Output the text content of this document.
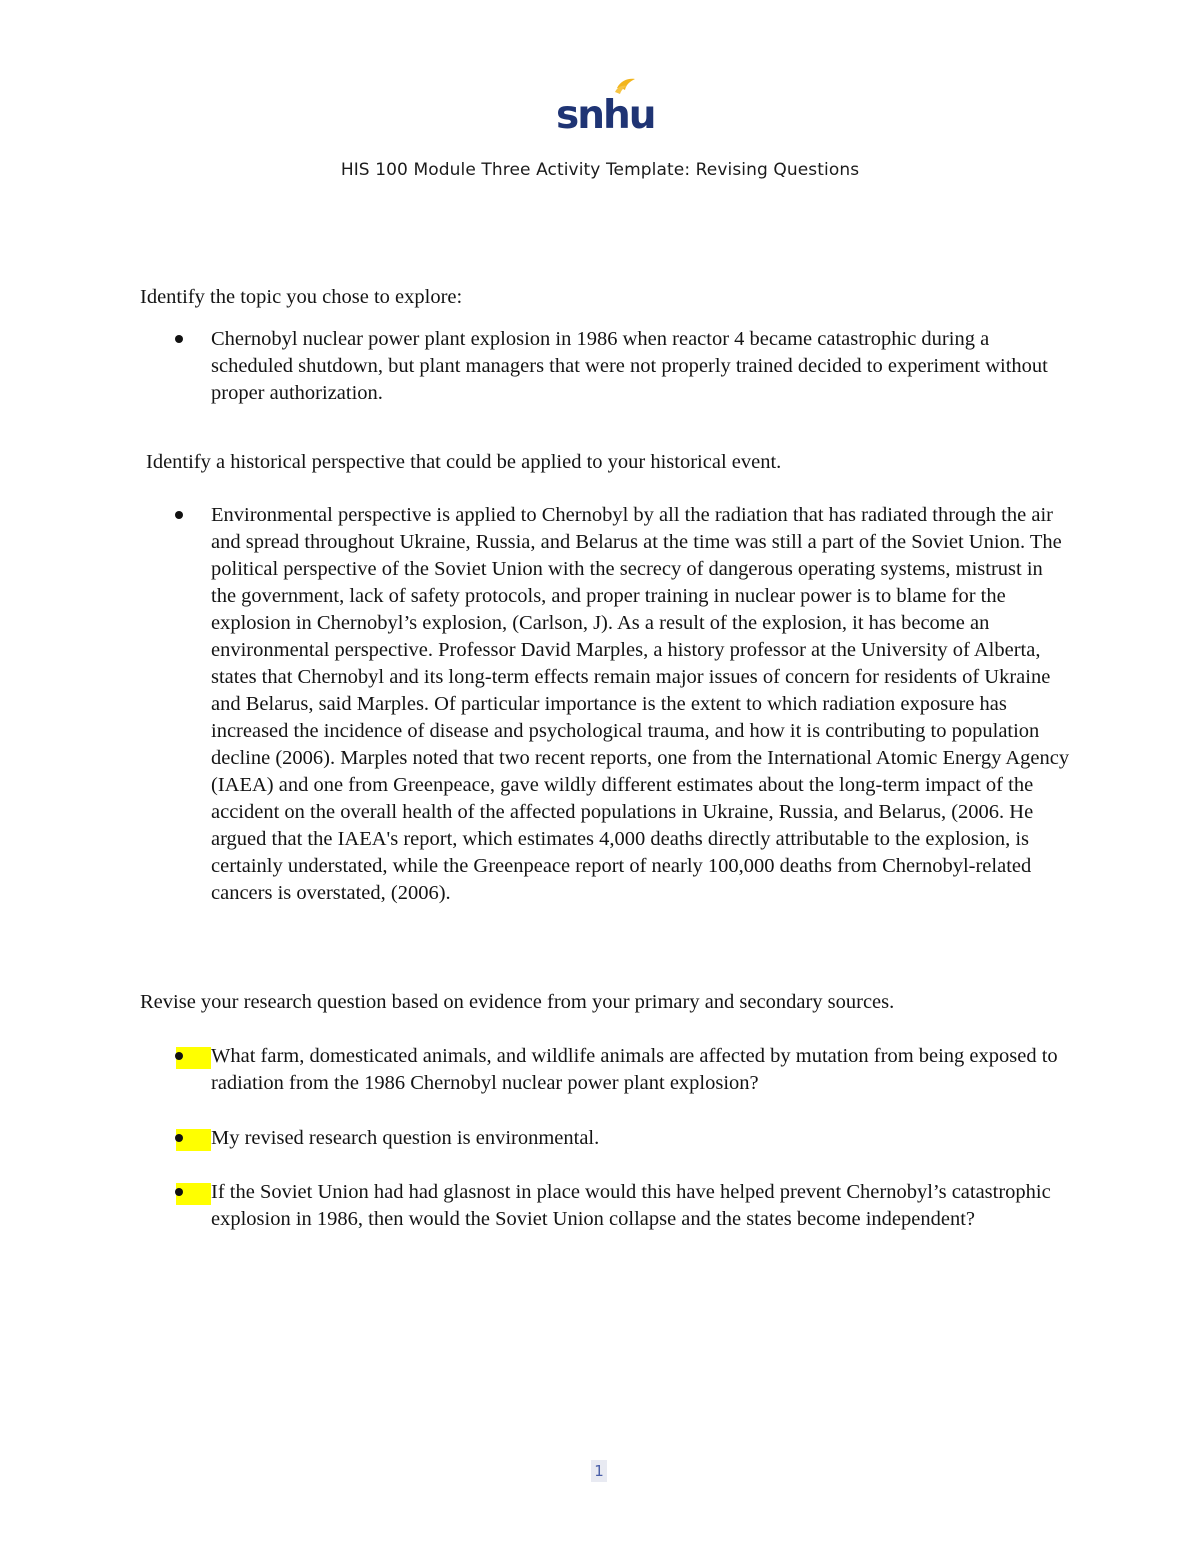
snhu
HIS 100 Module Three Activity Template: Revising Questions

Identify the topic you chose to explore:

Chernobyl nuclear power plant explosion in 1986 when reactor 4 became catastrophic during a scheduled shutdown, but plant managers that were not properly trained decided to experiment without proper authorization.

Identify a historical perspective that could be applied to your historical event.

Environmental perspective is applied to Chernobyl by all the radiation that has radiated through the air and spread throughout Ukraine, Russia, and Belarus at the time was still a part of the Soviet Union. The political perspective of the Soviet Union with the secrecy of dangerous operating systems, mistrust in the government, lack of safety protocols, and proper training in nuclear power is to blame for the explosion in Chernobyl’s explosion, (Carlson, J). As a result of the explosion, it has become an environmental perspective. Professor David Marples, a history professor at the University of Alberta, states that Chernobyl and its long-term effects remain major issues of concern for residents of Ukraine and Belarus, said Marples. Of particular importance is the extent to which radiation exposure has increased the incidence of disease and psychological trauma, and how it is contributing to population decline (2006). Marples noted that two recent reports, one from the International Atomic Energy Agency (IAEA) and one from Greenpeace, gave wildly different estimates about the long-term impact of the accident on the overall health of the affected populations in Ukraine, Russia, and Belarus, (2006. He argued that the IAEA's report, which estimates 4,000 deaths directly attributable to the explosion, is certainly understated, while the Greenpeace report of nearly 100,000 deaths from Chernobyl-related cancers is overstated, (2006).

Revise your research question based on evidence from your primary and secondary sources.

What farm, domesticated animals, and wildlife animals are affected by mutation from being exposed to radiation from the 1986 Chernobyl nuclear power plant explosion?
My revised research question is environmental.
If the Soviet Union had had glasnost in place would this have helped prevent Chernobyl’s catastrophic explosion in 1986, then would the Soviet Union collapse and the states become independent?
1
